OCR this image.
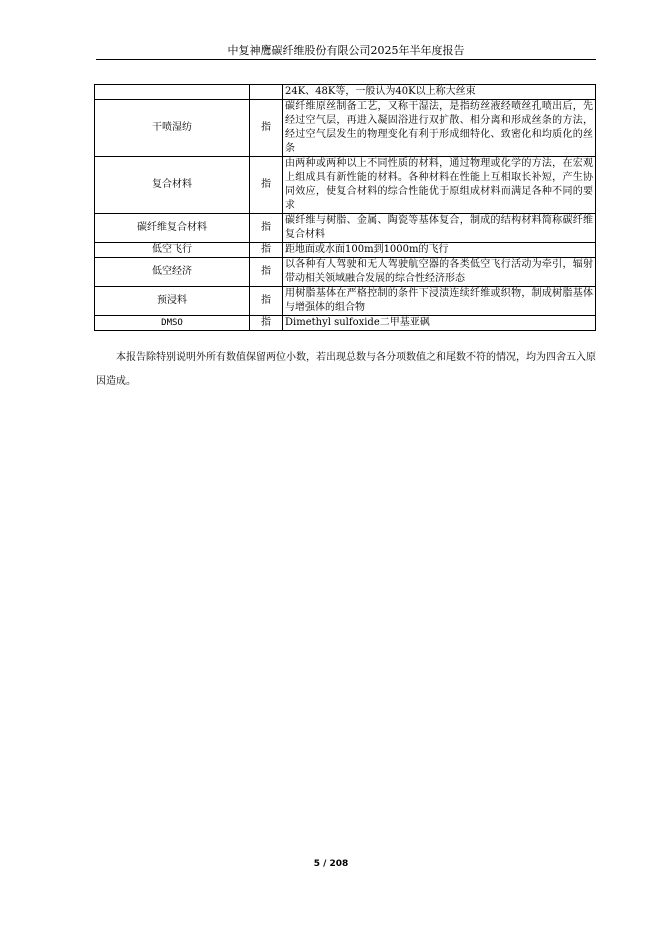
中复神鹰碳纤维股份有限公司2025年半年度报告
		24K、48K等，一般认为40K以上称大丝束
干喷湿纺	指	碳纤维原丝制备工艺，又称干湿法，是指纺丝液经喷丝孔喷出后，先经过空气层，再进入凝固浴进行双扩散、相分离和形成丝条的方法，经过空气层发生的物理变化有利于形成细特化、致密化和均质化的丝条
复合材料	指	由两种或两种以上不同性质的材料，通过物理或化学的方法，在宏观上组成具有新性能的材料。各种材料在性能上互相取长补短，产生协同效应，使复合材料的综合性能优于原组成材料而满足各种不同的要求
碳纤维复合材料	指	碳纤维与树脂、金属、陶瓷等基体复合，制成的结构材料简称碳纤维复合材料
低空飞行	指	距地面或水面100m到1000m的飞行
低空经济	指	以各种有人驾驶和无人驾驶航空器的各类低空飞行活动为牵引，辐射带动相关领域融合发展的综合性经济形态
预浸料	指	用树脂基体在严格控制的条件下浸渍连续纤维或织物，制成树脂基体与增强体的组合物
DMSO	指	Dimethyl sulfoxide二甲基亚砜
本报告除特别说明外所有数值保留两位小数，若出现总数与各分项数值之和尾数不符的情况，均为四舍五入原因造成。
5 / 208
